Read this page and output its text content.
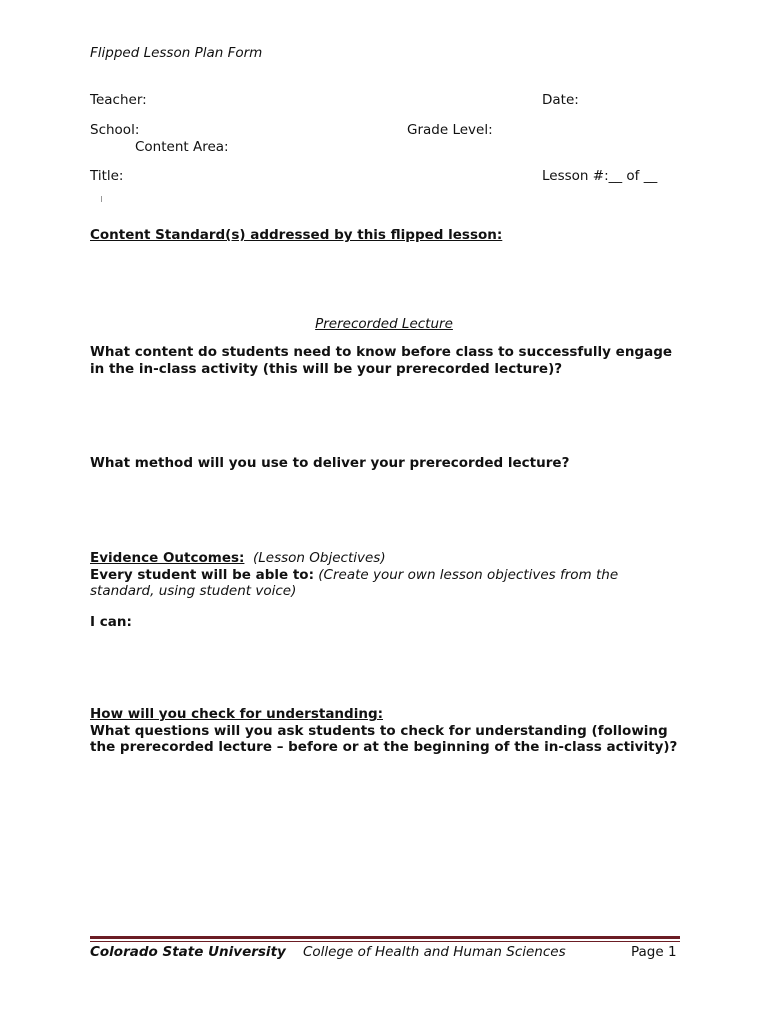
Flipped Lesson Plan Form
Teacher:	Date:
School:	Grade Level:
Content Area:
Title:	Lesson #:__ of __
Content Standard(s) addressed by this flipped lesson:
Prerecorded Lecture
What content do students need to know before class to successfully engage in the in-class activity (this will be your prerecorded lecture)?
What method will you use to deliver your prerecorded lecture?
Evidence Outcomes: (Lesson Objectives)
Every student will be able to: (Create your own lesson objectives from the standard, using student voice)
I can:
How will you check for understanding:
What questions will you ask students to check for understanding (following the prerecorded lecture – before or at the beginning of the in-class activity)?
Colorado State University College of Health and Human Sciences	Page 1
